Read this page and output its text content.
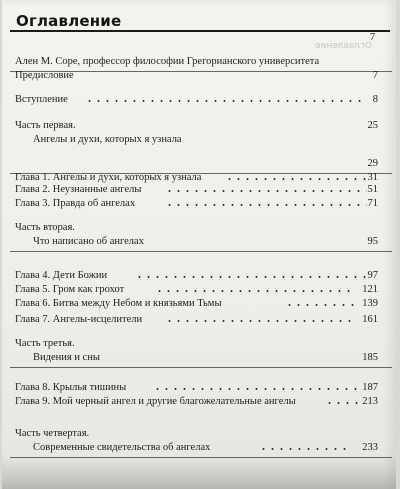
Оглавление
7
Оглавление
Ален М. Соре, профессор философии Грегорианского университета
Предисловие	7
Вступление	8
Часть первая.	25
Ангелы и духи, которых я узнала
29
Глава 1. Ангелы и духи, которых я узнала	31
Глава 2. Неузнанные ангелы	51
Глава 3. Правда об ангелах	71
Часть вторая.
Что написано об ангелах	95
Глава 4. Дети Божии	97
Глава 5. Гром как грохот	121
Глава 6. Битва между Небом и князьями Тьмы	139
Глава 7. Ангелы-исцелители	161
Часть третья.
Видения и сны	185
Глава 8. Крылья тишины	187
Глава 9. Мой черный ангел и другие благожелательные ангелы	213
Часть четвертая.
Современные свидетельства об ангелах	233
